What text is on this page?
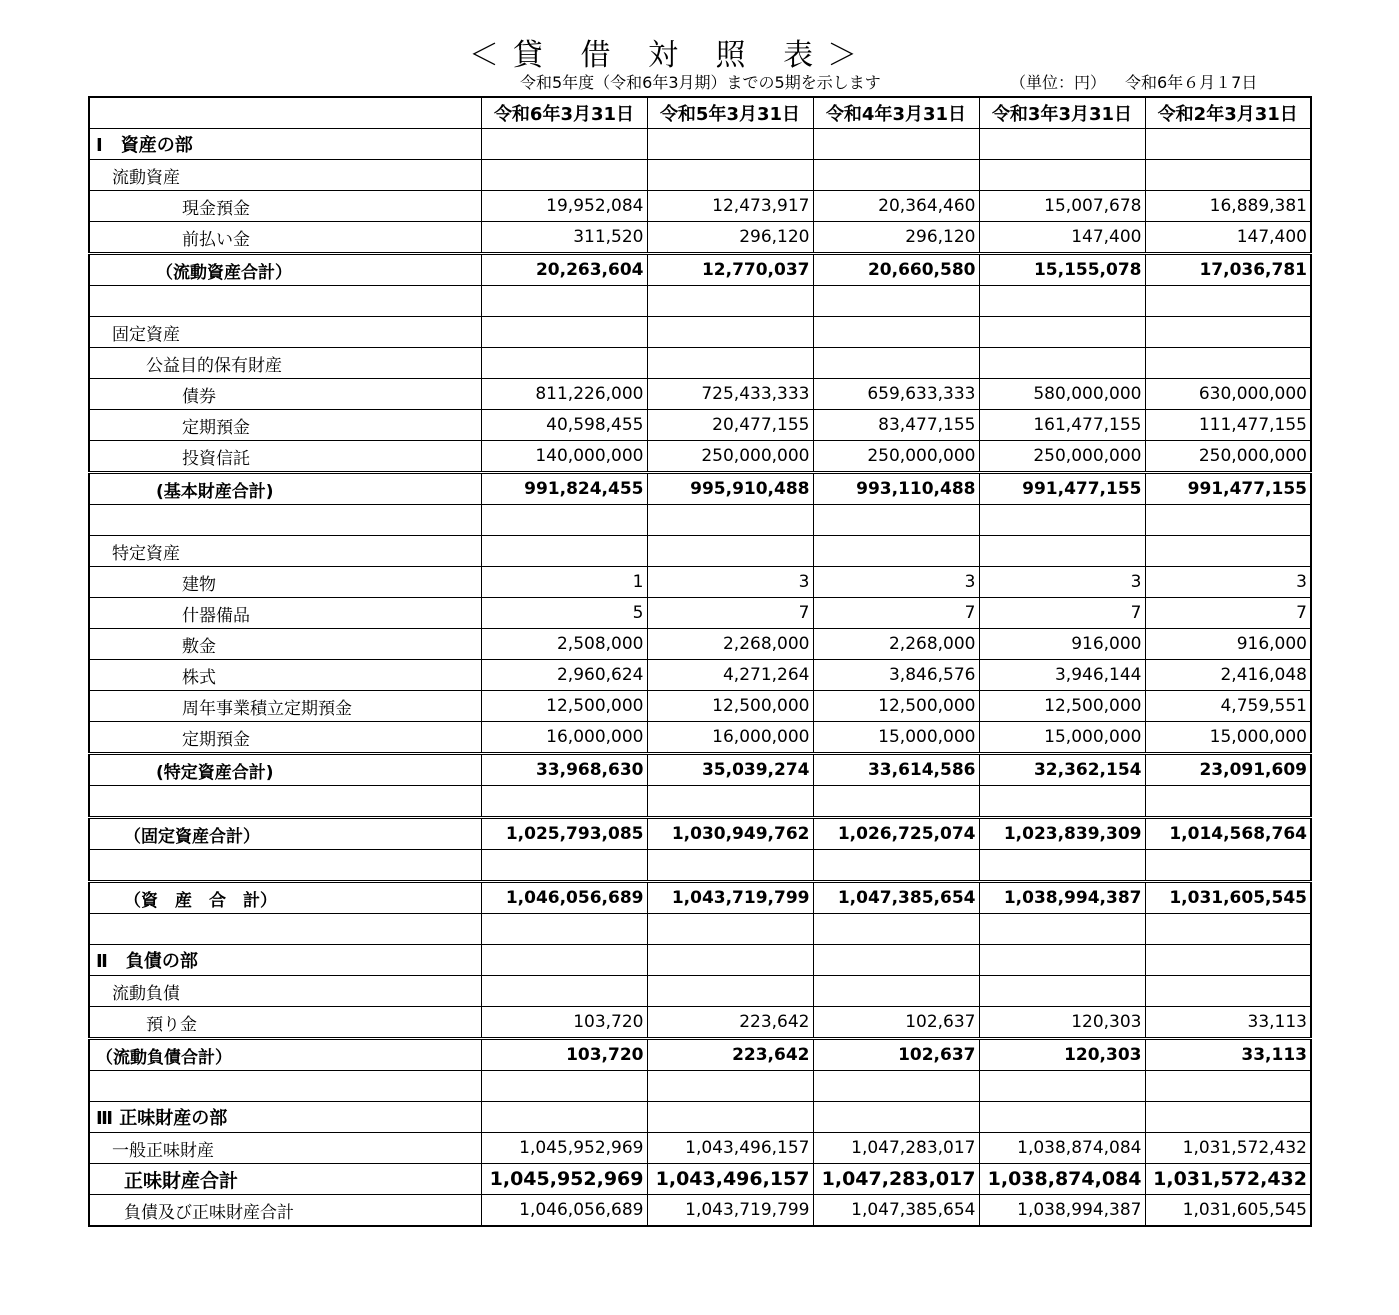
＜貸 借 対 照 表＞
令和5年度（令和6年3月期）までの5期を示します	（単位：円） 令和6年６月１7日
	令和6年3月31日	令和5年3月31日	令和4年3月31日	令和3年3月31日	令和2年3月31日
Ⅰ　資産の部					
流動資産					
現金預金	19,952,084	12,473,917	20,364,460	15,007,678	16,889,381
前払い金	311,520	296,120	296,120	147,400	147,400
（流動資産合計）	20,263,604	12,770,037	20,660,580	15,155,078	17,036,781

固定資産					
公益目的保有財産					
債券	811,226,000	725,433,333	659,633,333	580,000,000	630,000,000
定期預金	40,598,455	20,477,155	83,477,155	161,477,155	111,477,155
投資信託	140,000,000	250,000,000	250,000,000	250,000,000	250,000,000
(基本財産合計)	991,824,455	995,910,488	993,110,488	991,477,155	991,477,155

特定資産					
建物	1	3	3	3	3
什器備品	5	7	7	7	7
敷金	2,508,000	2,268,000	2,268,000	916,000	916,000
株式	2,960,624	4,271,264	3,846,576	3,946,144	2,416,048
周年事業積立定期預金	12,500,000	12,500,000	12,500,000	12,500,000	4,759,551
定期預金	16,000,000	16,000,000	15,000,000	15,000,000	15,000,000
(特定資産合計)	33,968,630	35,039,274	33,614,586	32,362,154	23,091,609

（固定資産合計）	1,025,793,085	1,030,949,762	1,026,725,074	1,023,839,309	1,014,568,764

（資　産　合　計）	1,046,056,689	1,043,719,799	1,047,385,654	1,038,994,387	1,031,605,545

Ⅱ　負債の部					
流動負債					
預り金	103,720	223,642	102,637	120,303	33,113
（流動負債合計）	103,720	223,642	102,637	120,303	33,113

Ⅲ 正味財産の部					
一般正味財産	1,045,952,969	1,043,496,157	1,047,283,017	1,038,874,084	1,031,572,432
正味財産合計	1,045,952,969	1,043,496,157	1,047,283,017	1,038,874,084	1,031,572,432
負債及び正味財産合計	1,046,056,689	1,043,719,799	1,047,385,654	1,038,994,387	1,031,605,545
